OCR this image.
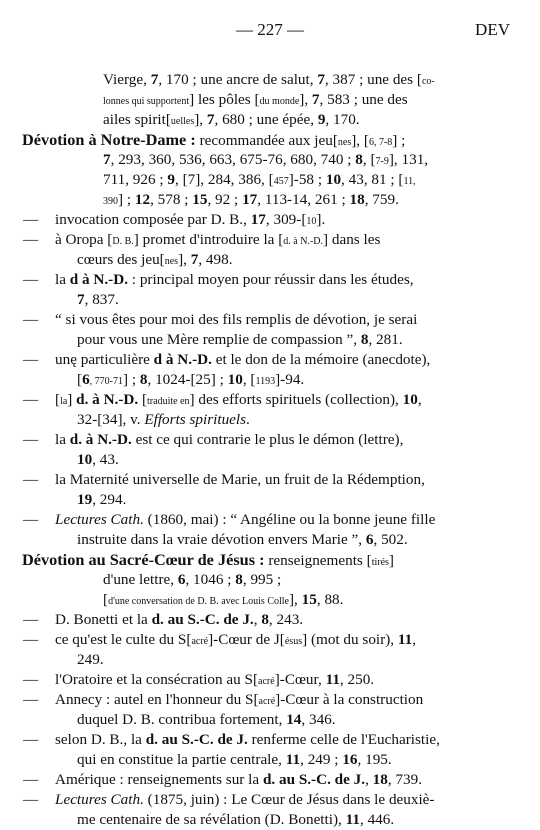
— 227 —	DEV
Vierge, 7, 170 ; une ancre de salut, 7, 387 ; une des [co-
lonnes qui supportent] les pôles [du monde], 7, 583 ; une des
ailes spirit[uelles], 7, 680 ; une épée, 9, 170.
Dévotion à Notre-Dame : recommandée aux jeu[nes], [6, 7-8] ;
7, 293, 360, 536, 663, 675-76, 680, 740 ; 8, [7-9], 131,
711, 926 ; 9, [7], 284, 386, [457]-58 ; 10, 43, 81 ; [11,
390] ; 12, 578 ; 15, 92 ; 17, 113-14, 261 ; 18, 759.
— invocation composée par D. B., 17, 309-[10].
— à Oropa [D. B.] promet d'introduire la [d. à N.-D.] dans les
cœurs des jeu[nes], 7, 498.
— la d à N.-D. : principal moyen pour réussir dans les études,
7, 837.
— “ si vous êtes pour moi des fils remplis de dévotion, je serai
pour vous une Mère remplie de compassion ”, 8, 281.
— unę particulière d à N.-D. et le don de la mémoire (anecdote),
[6, 770-71] ; 8, 1024-[25] ; 10, [1193]-94.
— [la] d. à N.-D. [traduite en] des efforts spirituels (collection), 10,
32-[34], v. Efforts spirituels.
— la d. à N.-D. est ce qui contrarie le plus le démon (lettre),
10, 43.
— la Maternité universelle de Marie, un fruit de la Rédemption,
19, 294.
— Lectures Cath. (1860, mai) : “ Angéline ou la bonne jeune fille
instruite dans la vraie dévotion envers Marie ”, 6, 502.
Dévotion au Sacré-Cœur de Jésus : renseignements [tirés]
d'une lettre, 6, 1046 ; 8, 995 ;
[d'une conversation de D. B. avec Louis Colle], 15, 88.
— D. Bonetti et la d. au S.-C. de J., 8, 243.
— ce qu'est le culte du S[acré]-Cœur de J[ésus] (mot du soir), 11,
249.
— l'Oratoire et la consécration au S[acré]-Cœur, 11, 250.
— Annecy : autel en l'honneur du S[acré]-Cœur à la construction
duquel D. B. contribua fortement, 14, 346.
— selon D. B., la d. au S.-C. de J. renferme celle de l'Eucharistie,
qui en constitue la partie centrale, 11, 249 ; 16, 195.
— Amérique : renseignements sur la d. au S.-C. de J., 18, 739.
— Lectures Cath. (1875, juin) : Le Cœur de Jésus dans le deuxiè-
me centenaire de sa révélation (D. Bonetti), 11, 446.
